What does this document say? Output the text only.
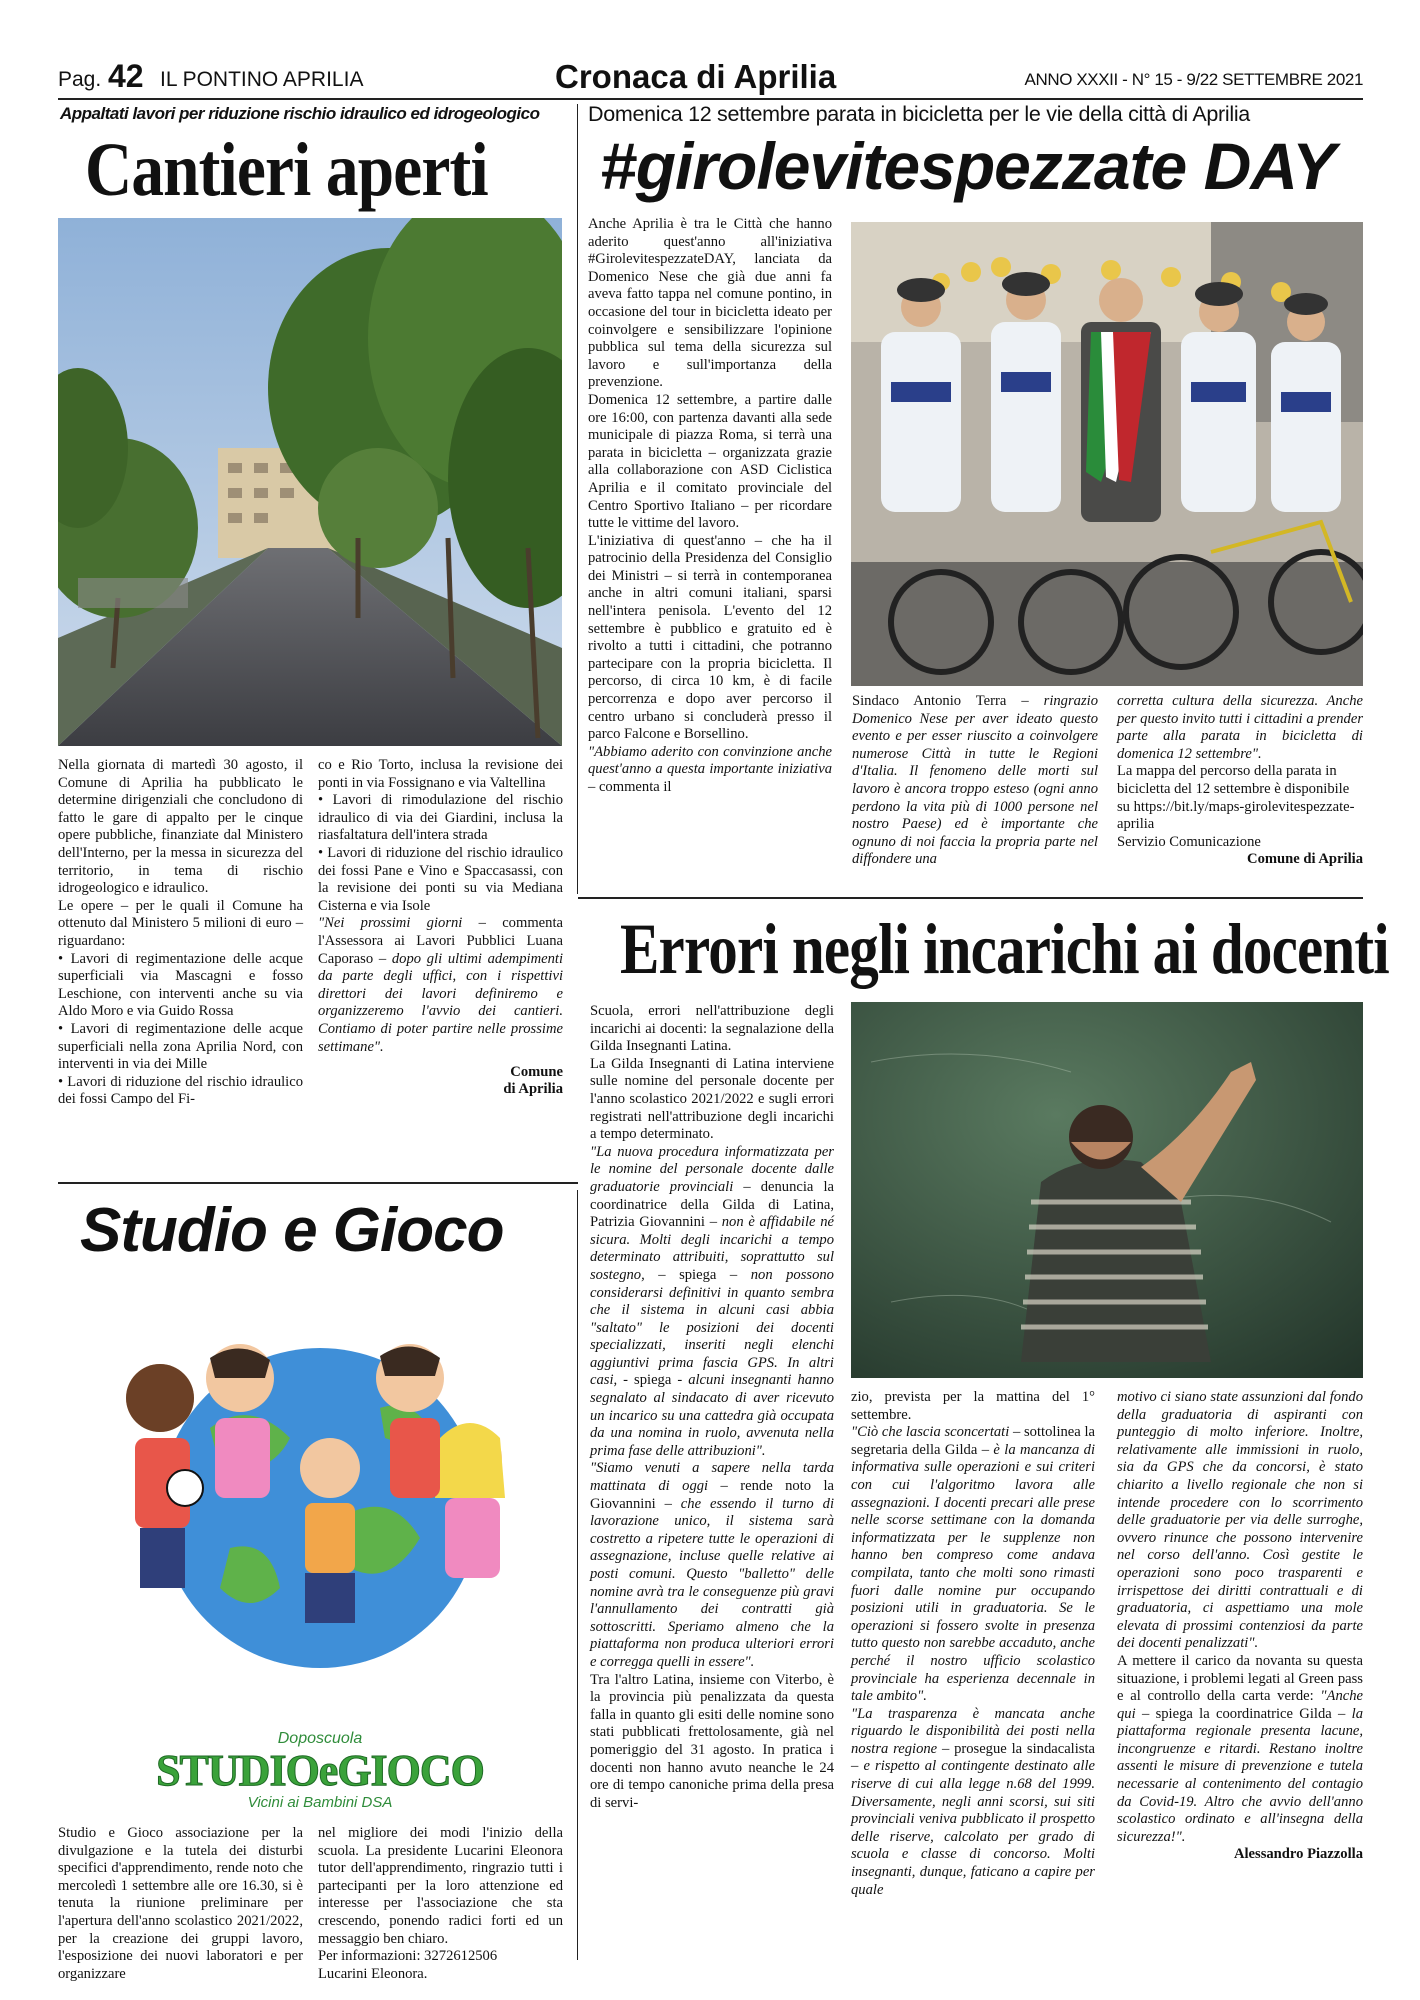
Pag. 42 IL PONTINO APRILIA	Cronaca di Aprilia	ANNO XXXII - N° 15 - 9/22 SETTEMBRE 2021
Appaltati lavori per riduzione rischio idraulico ed idrogeologico
Cantieri aperti

Nella giornata di martedì 30 agosto, il Comune di Aprilia ha pubblicato le determine dirigenziali che concludono di fatto le gare di appalto per le cinque opere pubbliche, finanziate dal Ministero dell'Interno, per la messa in sicurezza del territorio, in tema di rischio idrogeologico e idraulico.

Le opere – per le quali il Comune ha ottenuto dal Ministero 5 milioni di euro – riguardano:

• Lavori di regimentazione delle acque superficiali via Mascagni e fosso Leschione, con interventi anche su via Aldo Moro e via Guido Rossa

• Lavori di regimentazione delle acque superficiali nella zona Aprilia Nord, con interventi in via dei Mille

• Lavori di riduzione del rischio idraulico dei fossi Campo del Fi-

co e Rio Torto, inclusa la revisione dei ponti in via Fossignano e via Valtellina

• Lavori di rimodulazione del rischio idraulico di via dei Giardini, inclusa la riasfaltatura dell'intera strada

• Lavori di riduzione del rischio idraulico dei fossi Pane e Vino e Spaccasassi, con la revisione dei ponti su via Mediana Cisterna e via Isole

"Nei prossimi giorni – commenta l'Assessora ai Lavori Pubblici Luana Caporaso – dopo gli ultimi adempimenti da parte degli uffici, con i rispettivi direttori dei lavori definiremo e organizzeremo l'avvio dei cantieri. Contiamo di poter partire nelle prossime settimane".

Comune
di Aprilia
Domenica 12 settembre parata in bicicletta per le vie della città di Aprilia
#girolevitespezzate DAY

Anche Aprilia è tra le Città che hanno aderito quest'anno all'iniziativa #GirolevitespezzateDAY, lanciata da Domenico Nese che già due anni fa aveva fatto tappa nel comune pontino, in occasione del tour in bicicletta ideato per coinvolgere e sensibilizzare l'opinione pubblica sul tema della sicurezza sul lavoro e sull'importanza della prevenzione.

Domenica 12 settembre, a partire dalle ore 16:00, con partenza davanti alla sede municipale di piazza Roma, si terrà una parata in bicicletta – organizzata grazie alla collaborazione con ASD Ciclistica Aprilia e il comitato provinciale del Centro Sportivo Italiano – per ricordare tutte le vittime del lavoro.

L'iniziativa di quest'anno – che ha il patrocinio della Presidenza del Consiglio dei Ministri – si terrà in contemporanea anche in altri comuni italiani, sparsi nell'intera penisola. L'evento del 12 settembre è pubblico e gratuito ed è rivolto a tutti i cittadini, che potranno partecipare con la propria bicicletta. Il percorso, di circa 10 km, è di facile percorrenza e dopo aver percorso il centro urbano si concluderà presso il parco Falcone e Borsellino.

"Abbiamo aderito con convinzione anche quest'anno a questa importante iniziativa – commenta il

Sindaco Antonio Terra – ringrazio Domenico Nese per aver ideato questo evento e per esser riuscito a coinvolgere numerose Città in tutte le Regioni d'Italia. Il fenomeno delle morti sul lavoro è ancora troppo esteso (ogni anno perdono la vita più di 1000 persone nel nostro Paese) ed è importante che ognuno di noi faccia la propria parte nel diffondere una

corretta cultura della sicurezza. Anche per questo invito tutti i cittadini a prender parte alla parata in bicicletta di domenica 12 settembre".

La mappa del percorso della parata in bicicletta del 12 settembre è disponibile su https://bit.ly/maps-girolevitespezzate-aprilia

Servizio Comunicazione

Comune di Aprilia
Errori negli incarichi ai docenti

Scuola, errori nell'attribuzione degli incarichi ai docenti: la segnalazione della Gilda Insegnanti Latina.

La Gilda Insegnanti di Latina interviene sulle nomine del personale docente per l'anno scolastico 2021/2022 e sugli errori registrati nell'attribuzione degli incarichi a tempo determinato.

"La nuova procedura informatizzata per le nomine del personale docente dalle graduatorie provinciali – denuncia la coordinatrice della Gilda di Latina, Patrizia Giovannini – non è affidabile né sicura. Molti degli incarichi a tempo determinato attribuiti, soprattutto sul sostegno, – spiega – non possono considerarsi definitivi in quanto sembra che il sistema in alcuni casi abbia "saltato" le posizioni dei docenti specializzati, inseriti negli elenchi aggiuntivi prima fascia GPS. In altri casi, - spiega - alcuni insegnanti hanno segnalato al sindacato di aver ricevuto un incarico su una cattedra già occupata da una nomina in ruolo, avvenuta nella prima fase delle attribuzioni".

"Siamo venuti a sapere nella tarda mattinata di oggi – rende noto la Giovannini – che essendo il turno di lavorazione unico, il sistema sarà costretto a ripetere tutte le operazioni di assegnazione, incluse quelle relative ai posti comuni. Questo "balletto" delle nomine avrà tra le conseguenze più gravi l'annullamento dei contratti già sottoscritti. Speriamo almeno che la piattaforma non produca ulteriori errori e correggа quelli in essere".

Tra l'altro Latina, insieme con Viterbo, è la provincia più penalizzata da questa falla in quanto gli esiti delle nomine sono stati pubblicati frettolosamente, già nel pomeriggio del 31 agosto. In pratica i docenti non hanno avuto neanche le 24 ore di tempo canoniche prima della presa di servi-

zio, prevista per la mattina del 1° settembre.

"Ciò che lascia sconcertati – sottolinea la segretaria della Gilda – è la mancanza di informativa sulle operazioni e sui criteri con cui l'algoritmo lavora alle assegnazioni. I docenti precari alle prese nelle scorse settimane con la domanda informatizzata per le supplenze non hanno ben compreso come andava compilata, tanto che molti sono rimasti fuori dalle nomine pur occupando posizioni utili in graduatoria. Se le operazioni si fossero svolte in presenza tutto questo non sarebbe accaduto, anche perché il nostro ufficio scolastico provinciale ha esperienza decennale in tale ambito".

"La trasparenza è mancata anche riguardo le disponibilità dei posti nella nostra regione – prosegue la sindacalista – e rispetto al contingente destinato alle riserve di cui alla legge n.68 del 1999. Diversamente, negli anni scorsi, sui siti provinciali veniva pubblicato il prospetto delle riserve, calcolato per grado di scuola e classe di concorso. Molti insegnanti, dunque, faticano a capire per quale

motivo ci siano state assunzioni dal fondo della graduatoria di aspiranti con punteggio di molto inferiore. Inoltre, relativamente alle immissioni in ruolo, sia da GPS che da concorsi, è stato chiarito a livello regionale che non si intende procedere con lo scorrimento delle graduatorie per via delle surroghe, ovvero rinunce che possono intervenire nel corso dell'anno. Così gestite le operazioni sono poco trasparenti e irrispettose dei diritti contrattuali e di graduatoria, ci aspettiamo una mole elevata di prossimi contenziosi da parte dei docenti penalizzati".

A mettere il carico da novanta su questa situazione, i problemi legati al Green pass e al controllo della carta verde: "Anche qui – spiega la coordinatrice Gilda – la piattaforma regionale presenta lacune, incongruenze e ritardi. Restano inoltre assenti le misure di prevenzione e tutela necessarie al contenimento del contagio da Covid-19. Altro che avvio dell'anno scolastico ordinato e all'insegna della sicurezza!".

Alessandro Piazzolla
Studio e Gioco
Doposcuola
STUDIOeGIOCO
Vicini ai Bambini DSA

Studio e Gioco associazione per la divulgazione e la tutela dei disturbi specifici d'apprendimento, rende noto che mercoledì 1 settembre alle ore 16.30, si è tenuta la riunione preliminare per l'apertura dell'anno scolastico 2021/2022, per la creazione dei gruppi lavoro, l'esposizione dei nuovi laboratori e per organizzare

nel migliore dei modi l'inizio della scuola. La presidente Lucarini Eleonora tutor dell'apprendimento, ringrazio tutti i partecipanti per la loro attenzione ed interesse per l'associazione che sta crescendo, ponendo radici forti ed un messaggio ben chiaro.

Per informazioni: 3272612506

Lucarini Eleonora.
